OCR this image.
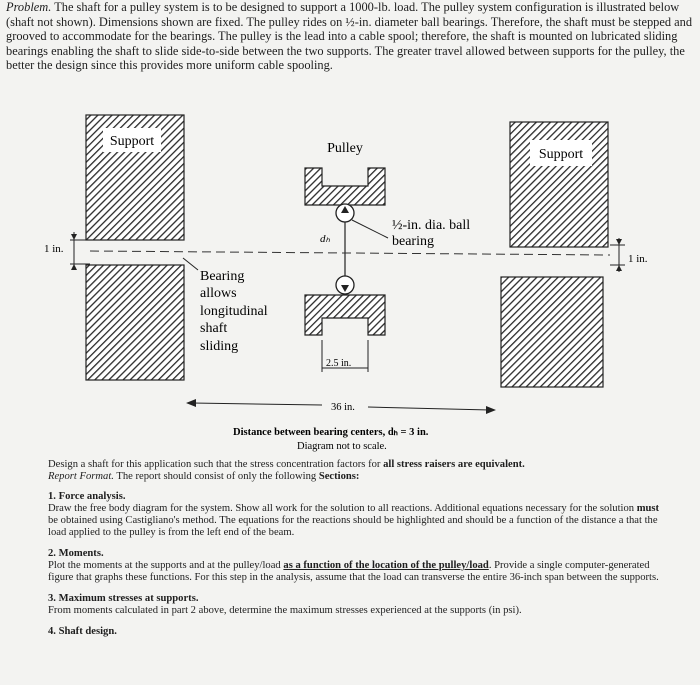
Problem. The shaft for a pulley system is to be designed to support a 1000-lb. load. The pulley system configuration is illustrated below (shaft not shown). Dimensions shown are fixed. The pulley rides on ½-in. diameter ball bearings. Therefore, the shaft must be stepped and grooved to accommodate for the bearings. The pulley is the lead into a cable spool; therefore, the shaft is mounted on lubricated sliding bearings enabling the shaft to slide side-to-side between the two supports. The greater travel allowed between supports for the pulley, the better the design since this provides more uniform cable spooling.
Support
Support
Pulley
dₕ
½-in. dia. ball
bearing
1 in.
1 in.
Bearing
allows
longitudinal
shaft
sliding
2.5 in.
36 in.
Distance between bearing centers, dₕ = 3 in.
Diagram not to scale.

Design a shaft for this application such that the stress concentration factors for all stress raisers are equivalent.

Report Format. The report should consist of only the following Sections:

1. Force analysis.

Draw the free body diagram for the system. Show all work for the solution to all reactions. Additional equations necessary for the solution must be obtained using Castigliano's method. The equations for the reactions should be highlighted and should be a function of the distance a that the load applied to the pulley is from the left end of the beam.

2. Moments.

Plot the moments at the supports and at the pulley/load as a function of the location of the pulley/load. Provide a single computer-generated figure that graphs these functions. For this step in the analysis, assume that the load can transverse the entire 36-inch span between the supports.

3. Maximum stresses at supports.

From moments calculated in part 2 above, determine the maximum stresses experienced at the supports (in psi).

4. Shaft design.
